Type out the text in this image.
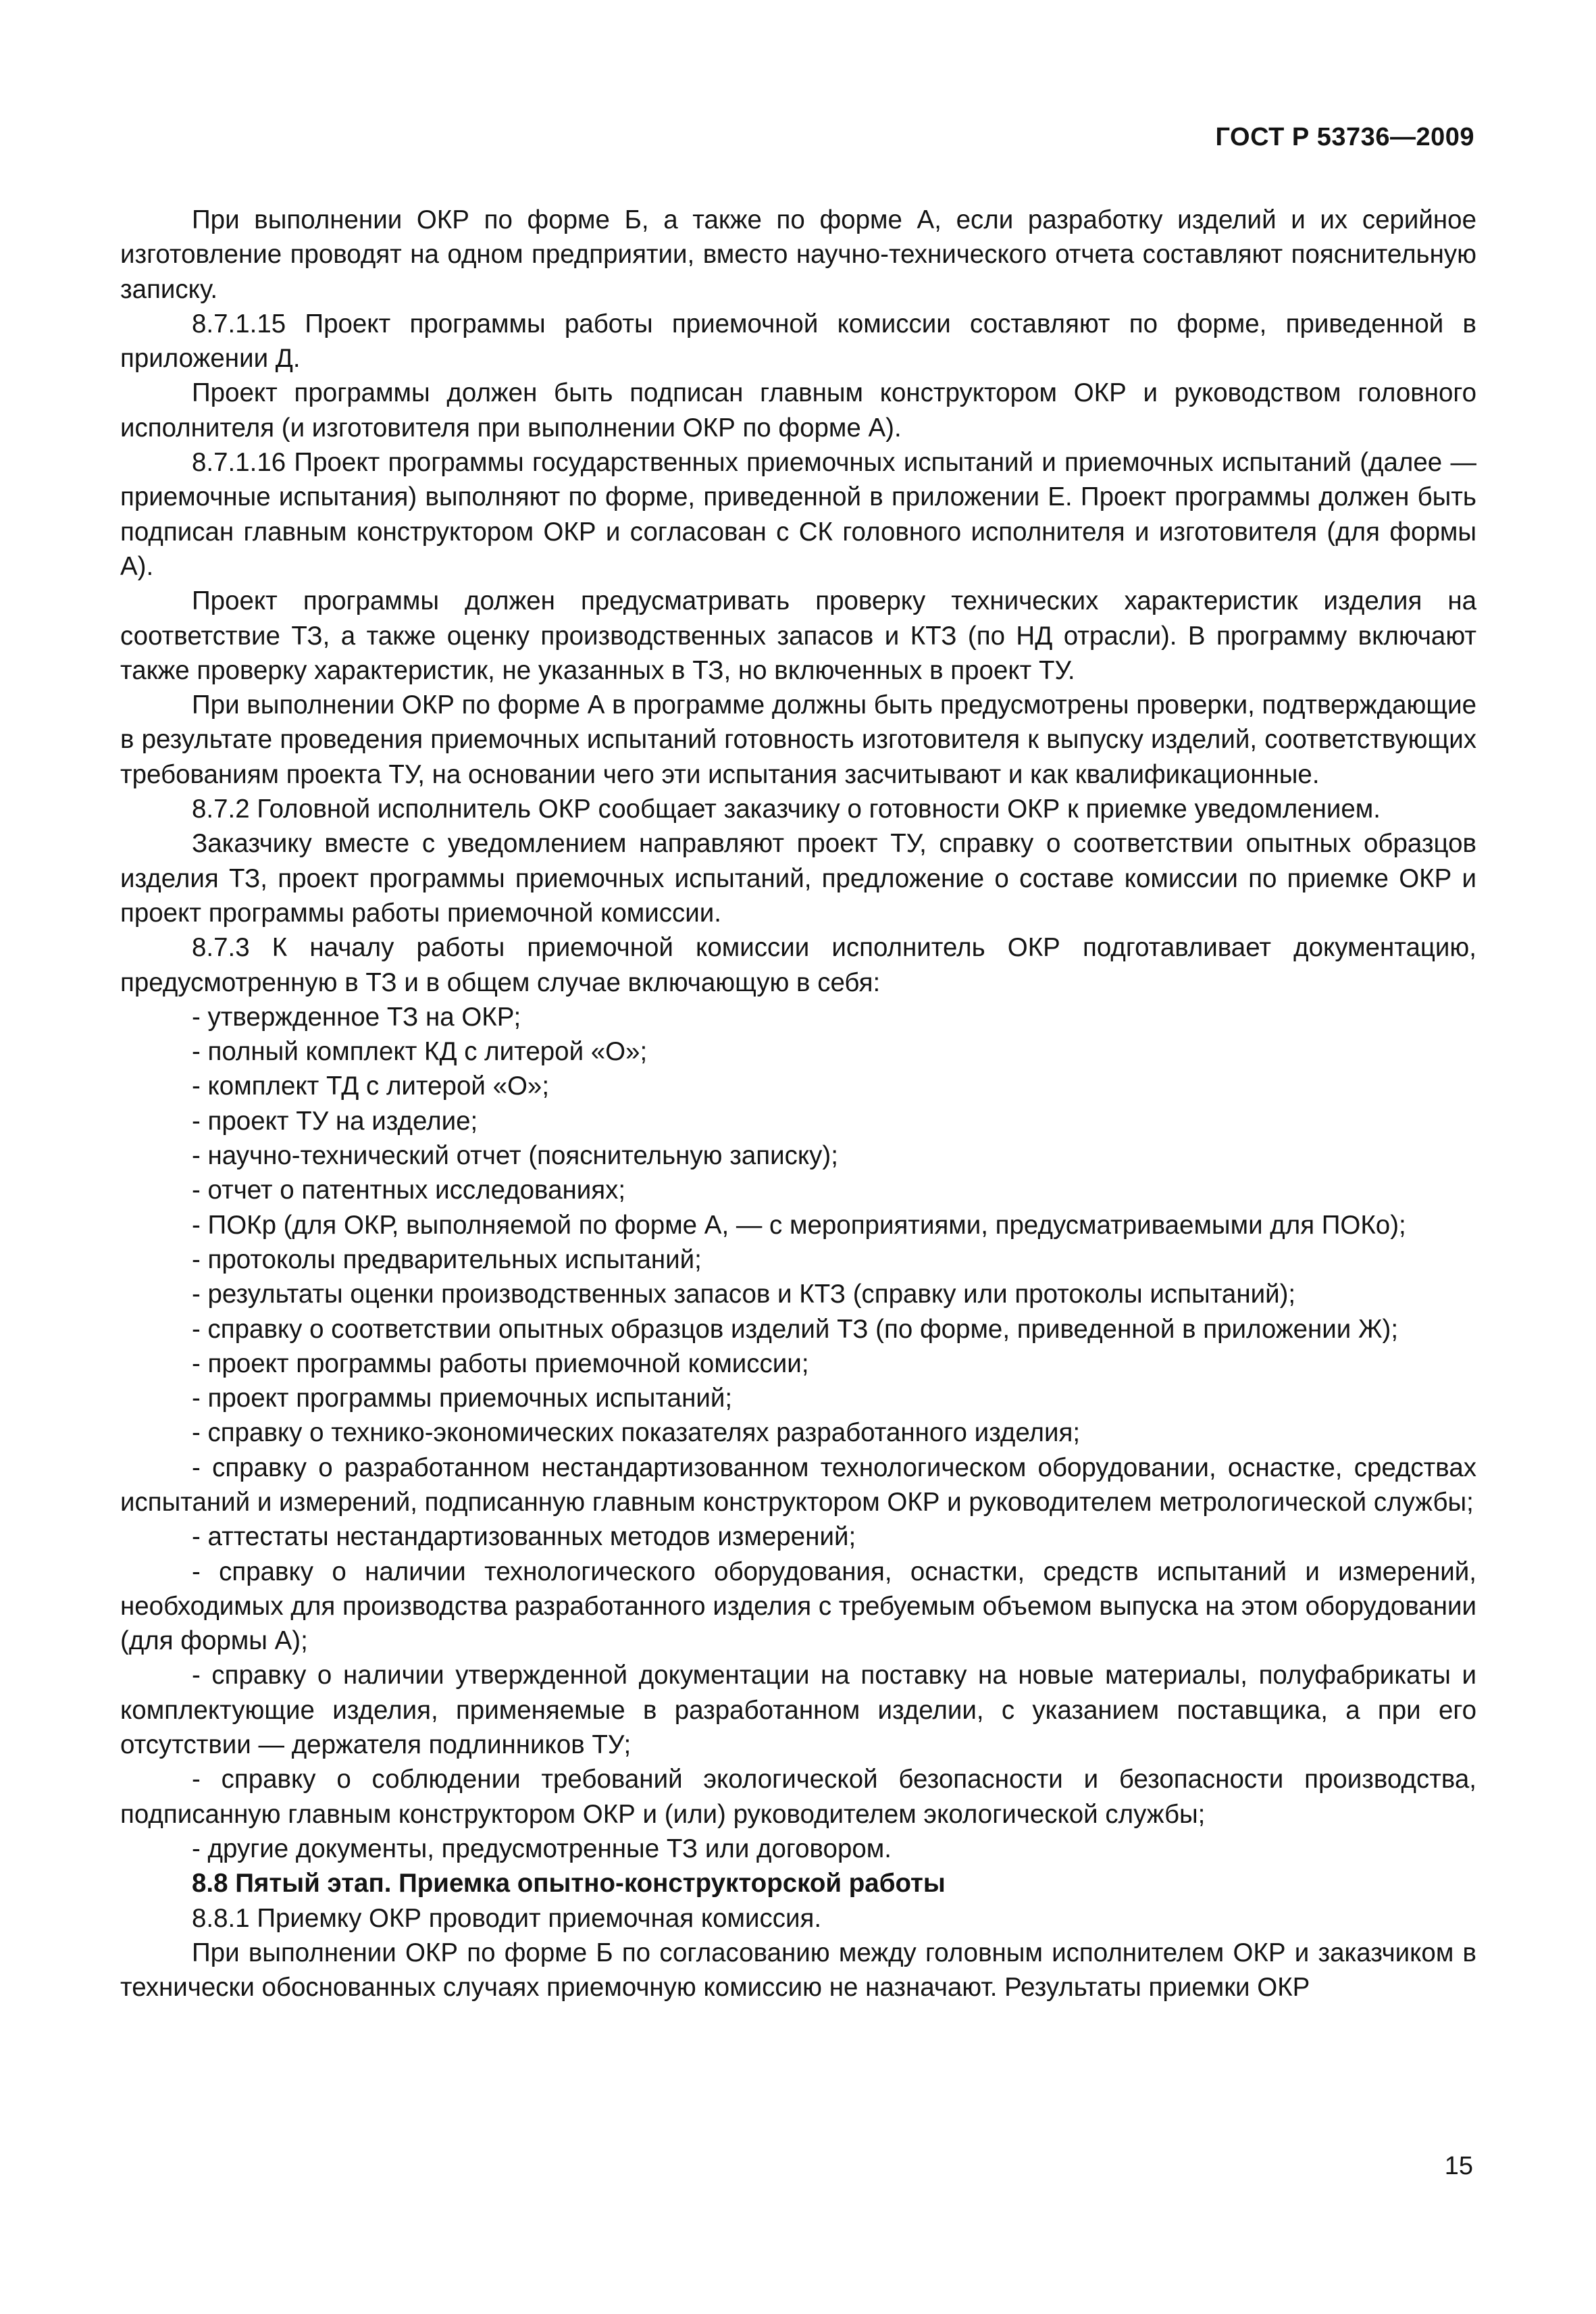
ГОСТ Р 53736—2009

При выполнении ОКР по форме Б, а также по форме А, если разработку изделий и их серийное изготовление проводят на одном предприятии, вместо научно-технического отчета составляют пояснительную записку.

8.7.1.15 Проект программы работы приемочной комиссии составляют по форме, приведенной в приложении Д.

Проект программы должен быть подписан главным конструктором ОКР и руководством головного исполнителя (и изготовителя при выполнении ОКР по форме А).

8.7.1.16 Проект программы государственных приемочных испытаний и приемочных испытаний (далее — приемочные испытания) выполняют по форме, приведенной в приложении Е. Проект программы должен быть подписан главным конструктором ОКР и согласован с СК головного исполнителя и изготовителя (для формы А).

Проект программы должен предусматривать проверку технических характеристик изделия на соответствие ТЗ, а также оценку производственных запасов и КТЗ (по НД отрасли). В программу включают также проверку характеристик, не указанных в ТЗ, но включенных в проект ТУ.

При выполнении ОКР по форме А в программе должны быть предусмотрены проверки, подтверждающие в результате проведения приемочных испытаний готовность изготовителя к выпуску изделий, соответствующих требованиям проекта ТУ, на основании чего эти испытания засчитывают и как квалификационные.

8.7.2 Головной исполнитель ОКР сообщает заказчику о готовности ОКР к приемке уведомлением.

Заказчику вместе с уведомлением направляют проект ТУ, справку о соответствии опытных образцов изделия ТЗ, проект программы приемочных испытаний, предложение о составе комиссии по приемке ОКР и проект программы работы приемочной комиссии.

8.7.3 К началу работы приемочной комиссии исполнитель ОКР подготавливает документацию, предусмотренную в ТЗ и в общем случае включающую в себя:

- утвержденное ТЗ на ОКР;

- полный комплект КД с литерой «О»;

- комплект ТД с литерой «О»;

- проект ТУ на изделие;

- научно-технический отчет (пояснительную записку);

- отчет о патентных исследованиях;

- ПОКр (для ОКР, выполняемой по форме А, — с мероприятиями, предусматриваемыми для ПОКо);

- протоколы предварительных испытаний;

- результаты оценки производственных запасов и КТЗ (справку или протоколы испытаний);

- справку о соответствии опытных образцов изделий ТЗ (по форме, приведенной в приложении Ж);

- проект программы работы приемочной комиссии;

- проект программы приемочных испытаний;

- справку о технико-экономических показателях разработанного изделия;

- справку о разработанном нестандартизованном технологическом оборудовании, оснастке, средствах испытаний и измерений, подписанную главным конструктором ОКР и руководителем метрологической службы;

- аттестаты нестандартизованных методов измерений;

- справку о наличии технологического оборудования, оснастки, средств испытаний и измерений, необходимых для производства разработанного изделия с требуемым объемом выпуска на этом оборудовании (для формы А);

- справку о наличии утвержденной документации на поставку на новые материалы, полуфабрикаты и комплектующие изделия, применяемые в разработанном изделии, с указанием поставщика, а при его отсутствии — держателя подлинников ТУ;

- справку о соблюдении требований экологической безопасности и безопасности производства, подписанную главным конструктором ОКР и (или) руководителем экологической службы;

- другие документы, предусмотренные ТЗ или договором.

8.8 Пятый этап. Приемка опытно-конструкторской работы

8.8.1 Приемку ОКР проводит приемочная комиссия.

При выполнении ОКР по форме Б по согласованию между головным исполнителем ОКР и заказчиком в технически обоснованных случаях приемочную комиссию не назначают. Результаты приемки ОКР

15
